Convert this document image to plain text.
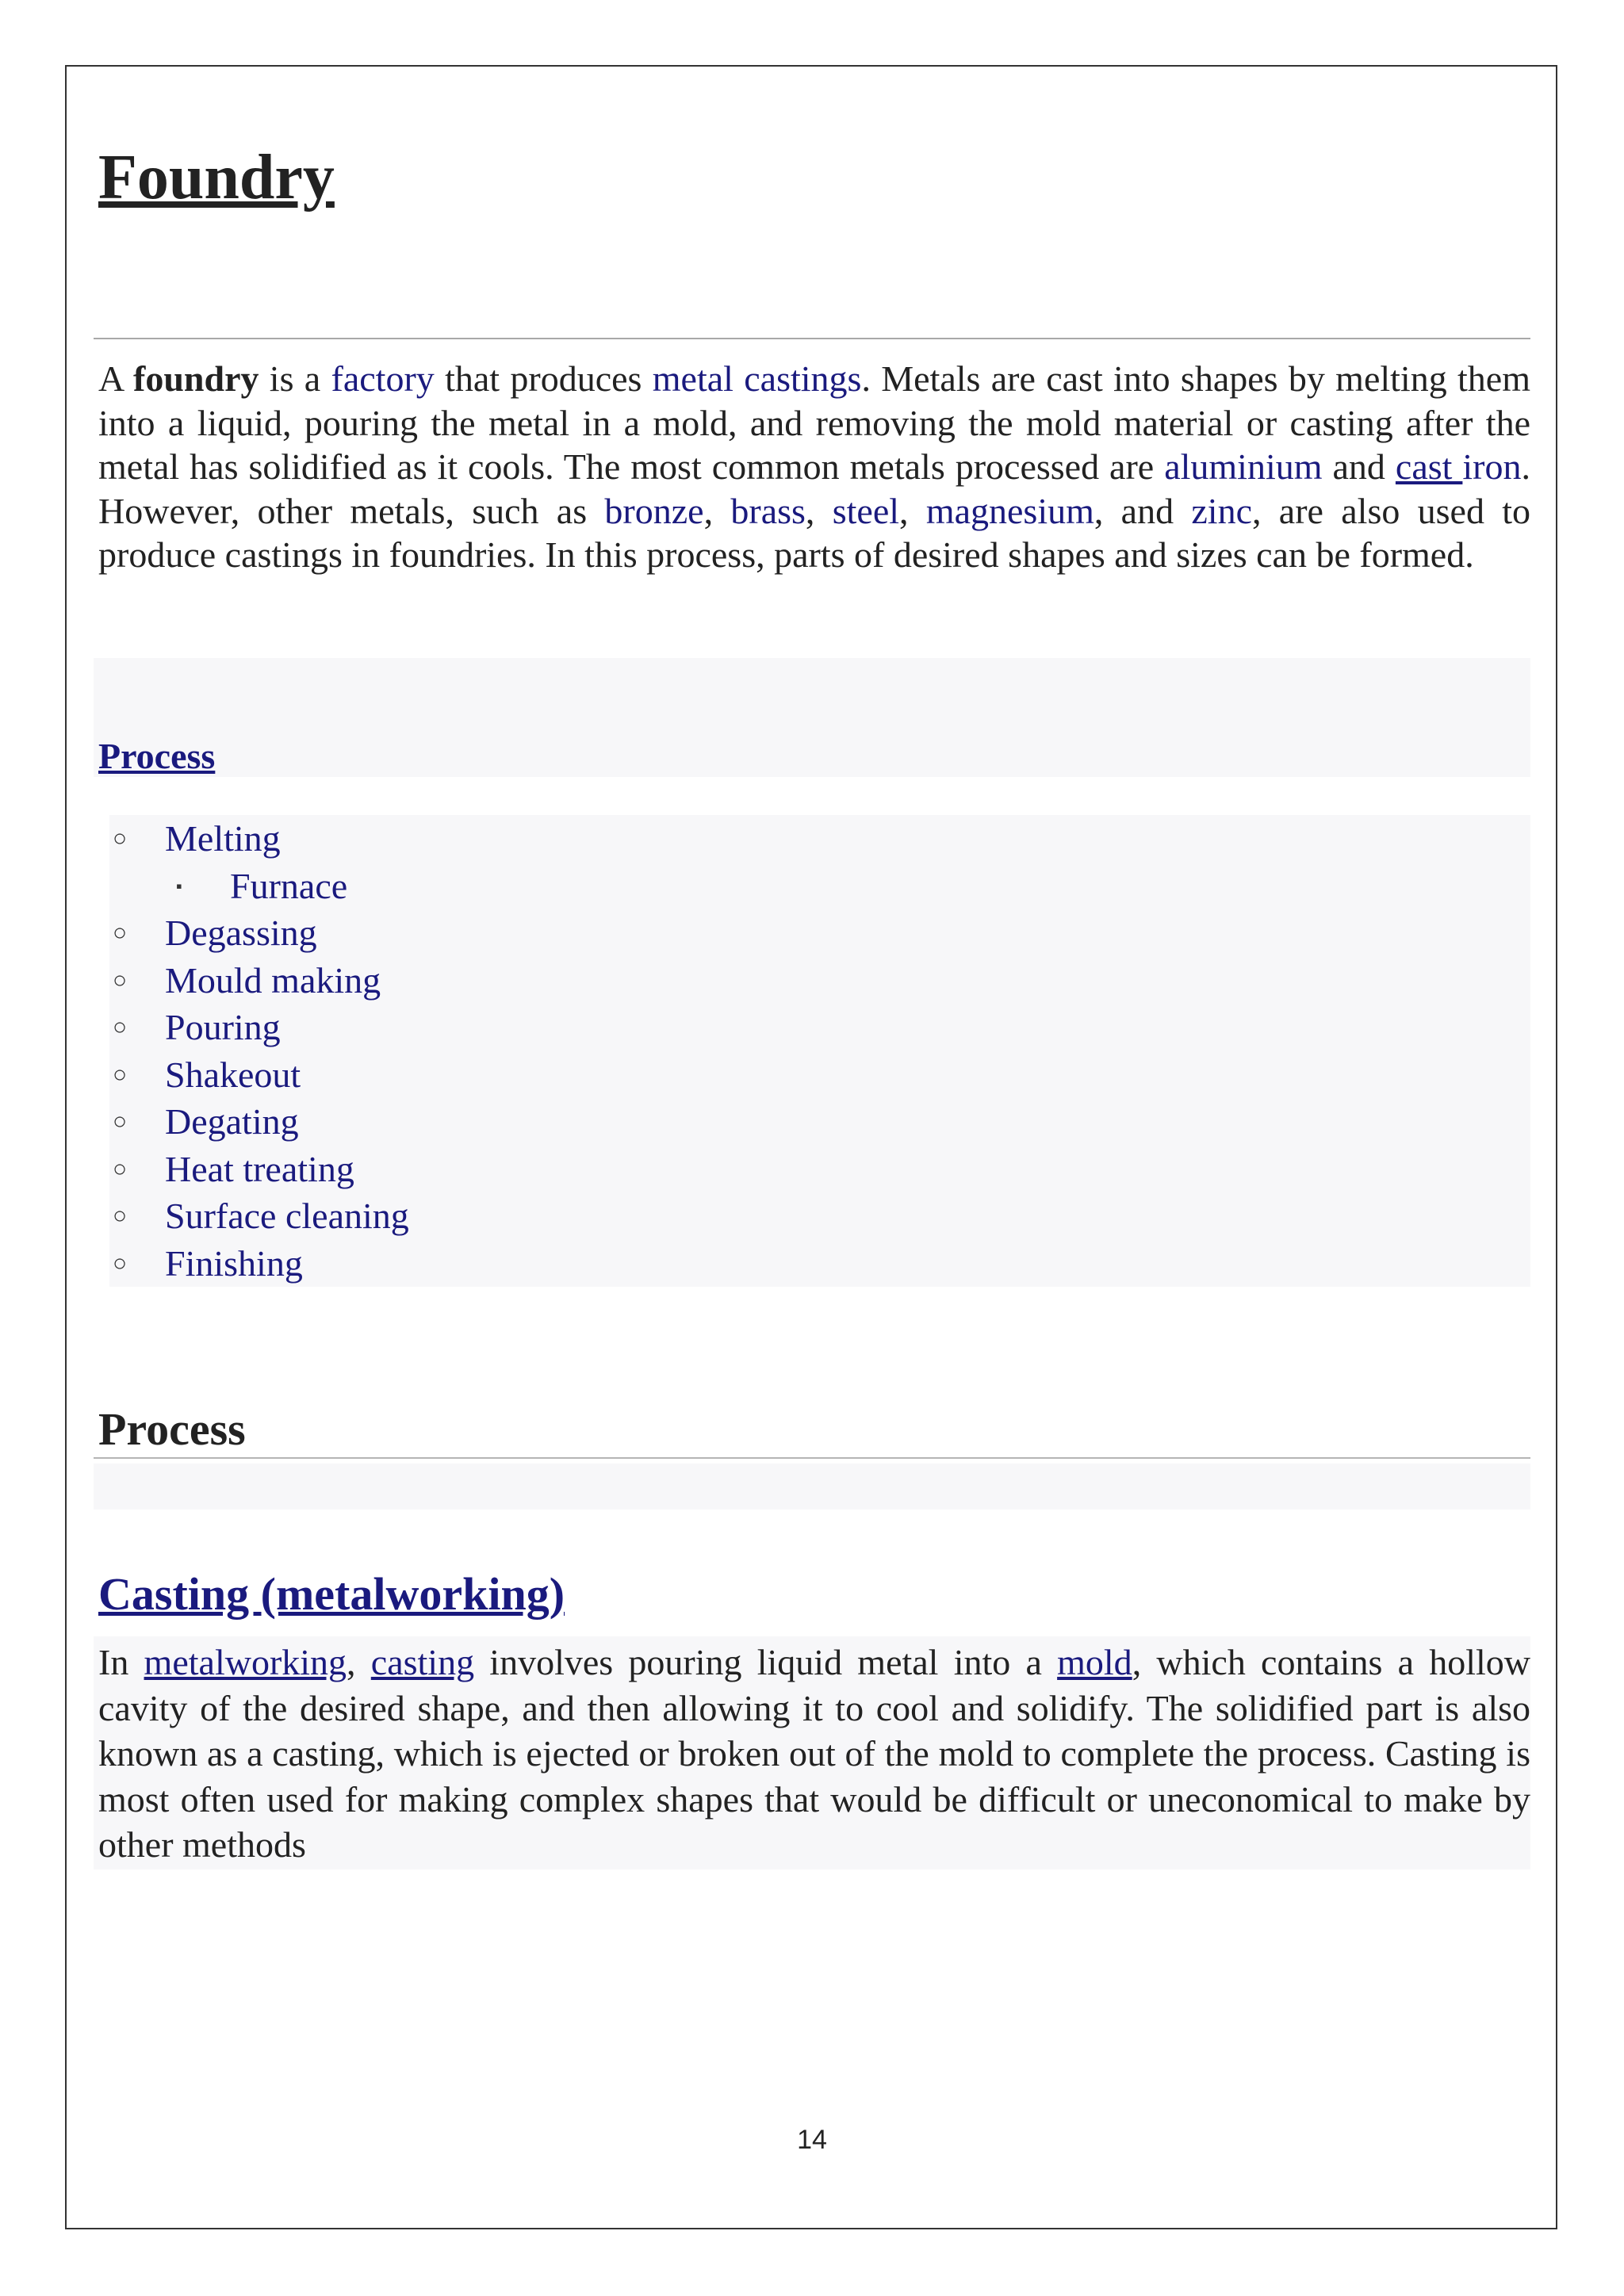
Foundry

A foundry is a factory that produces metal castings. Metals are cast into shapes by melting them into a liquid, pouring the metal in a mold, and removing the mold material or casting after the metal has solidified as it cools. The most common metals processed are aluminium and cast iron. However, other metals, such as bronze, brass, steel, magnesium, and zinc, are also used to produce castings in foundries. In this process, parts of desired shapes and sizes can be formed.

Process
○ Melting
▪ Furnace
○ Degassing
○ Mould making
○ Pouring
○ Shakeout
○ Degating
○ Heat treating
○ Surface cleaning
○ Finishing
Process
Casting (metalworking)

In metalworking, casting involves pouring liquid metal into a mold, which contains a hollow cavity of the desired shape, and then allowing it to cool and solidify. The solidified part is also known as a casting, which is ejected or broken out of the mold to complete the process. Casting is most often used for making complex shapes that would be difficult or uneconomical to make by other methods

14
